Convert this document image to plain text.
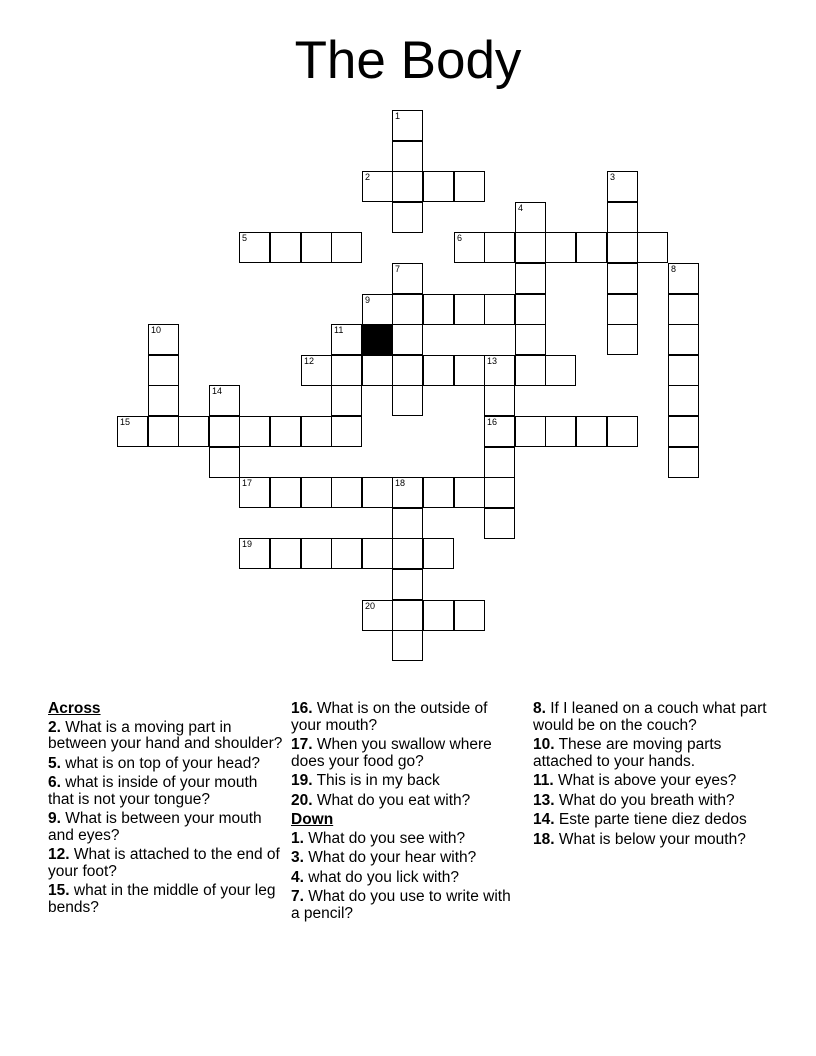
The Body
1
2	3
4
5	6
7	8
9
10	11
12	13
14
15	16
17	18
19
20
Across
2. What is a moving part in between your hand and shoulder?
5. what is on top of your head?
6. what is inside of your mouth that is not your tongue?
9. What is between your mouth and eyes?
12. What is attached to the end of your foot?
15. what in the middle of your leg bends?
16. What is on the outside of your mouth?
17. When you swallow where does your food go?
19. This is in my back
20. What do you eat with?
Down
1. What do you see with?
3. What do your hear with?
4. what do you lick with?
7. What do you use to write with a pencil?
8. If I leaned on a couch what part would be on the couch?
10. These are moving parts attached to your hands.
11. What is above your eyes?
13. What do you breath with?
14. Este parte tiene diez dedos
18. What is below your mouth?
